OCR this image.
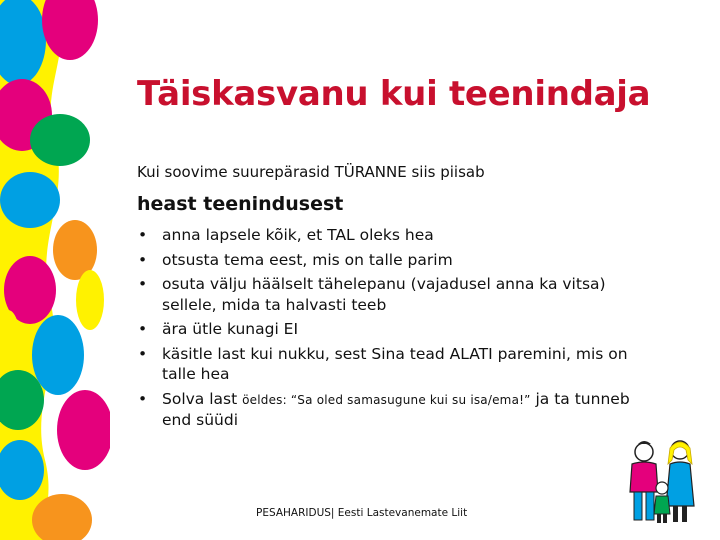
Täiskasvanu kui teenindaja
Kui soovime suurepärasid TÜRANNE siis piisab
heast teenindusest
• anna lapsele kõik, et TAL oleks hea
• otsusta tema eest, mis on talle parim
• osuta välju häälselt tähelepanu (vajadusel anna ka vitsa) sellele, mida ta halvasti teeb
• ära ütle kunagi EI
• käsitle last kui nukku, sest Sina tead ALATI paremini, mis on talle hea
• Solva last öeldes: “Sa oled samasugune kui su isa/ema!” ja ta tunneb end süüdi
PESAHARIDUS| Eesti Lastevanemate Liit
